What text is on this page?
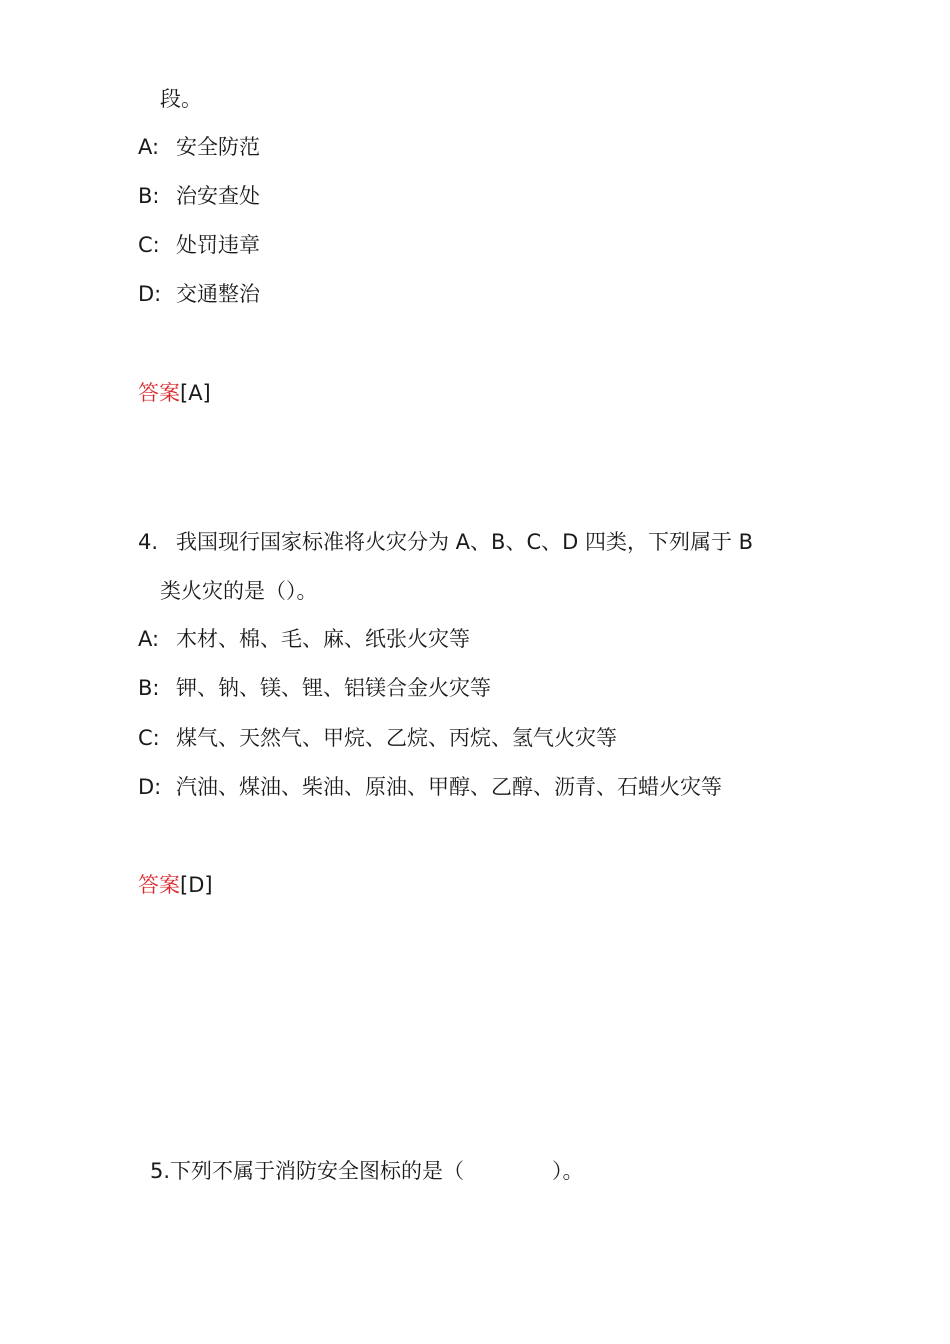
段。
A: 安全防范
B: 治安查处
C: 处罚违章
D: 交通整治
答案[A]
4. 我国现行国家标准将火灾分为 A、B、C、D 四类，下列属于 B
类火灾的是（）。
A: 木材、棉、毛、麻、纸张火灾等
B: 钾、钠、镁、锂、铝镁合金火灾等
C: 煤气、天然气、甲烷、乙烷、丙烷、氢气火灾等
D: 汽油、煤油、柴油、原油、甲醇、乙醇、沥青、石蜡火灾等
答案[D]
5.下列不属于消防安全图标的是（	）。
